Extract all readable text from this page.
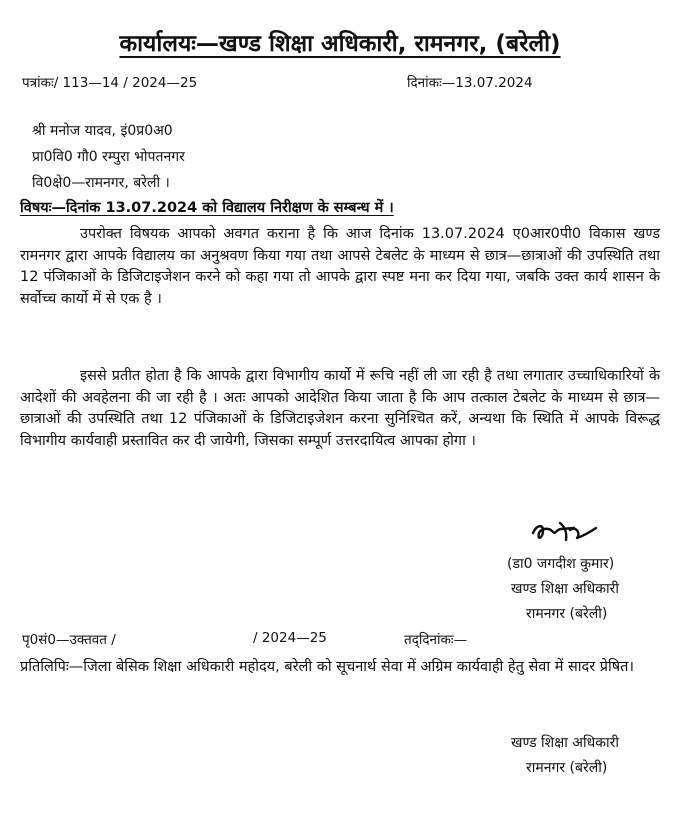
कार्यालयः—खण्ड शिक्षा अधिकारी, रामनगर, (बरेली)
पत्रांकः/ 113—14 / 2024—25	दिनांकः—13.07.2024
श्री मनोज यादव, इं0प्र0अ0
प्रा0वि0 गौ0 रम्पुरा भोपतनगर
वि0क्षे0—रामनगर, बरेली ।
विषयः—दिनांक 13.07.2024 को विद्यालय निरीक्षण के सम्बन्ध में ।

उपरोक्त विषयक आपको अवगत कराना है कि आज दिनांक 13.07.2024 ए0आर0पी0 विकास खण्ड रामनगर द्वारा आपके विद्यालय का अनुश्रवण किया गया तथा आपसे टेबलेट के माध्यम से छात्र—छात्राओं की उपस्थिति तथा 12 पंजिकाओं के डिजिटाइजेशन करने को कहा गया तो आपके द्वारा स्पष्ट मना कर दिया गया, जबकि उक्त कार्य शासन के सर्वोच्च कार्यो में से एक है ।

इससे प्रतीत होता है कि आपके द्वारा विभागीय कार्यो में रूचि नहीं ली जा रही है तथा लगातार उच्चाधिकारियों के आदेशों की अवहेलना की जा रही है । अतः आपको आदेशित किया जाता है कि आप तत्काल टेबलेट के माध्यम से छात्र—छात्राओं की उपस्थिति तथा 12 पंजिकाओं के डिजिटाइजेशन करना सुनिश्चित करें, अन्यथा कि स्थिति में आपके विरूद्ध विभागीय कार्यवाही प्रस्तावित कर दी जायेगी, जिसका सम्पूर्ण उत्तरदायित्व आपका होगा ।

(डा0 जगदीश कुमार)
खण्ड शिक्षा अधिकारी
रामनगर (बरेली)
पृ0सं0—उक्तवत /	/ 2024—25	तद्‌दिनांकः—

प्रतिलिपिः—जिला बेसिक शिक्षा अधिकारी महोदय, बरेली को सूचनार्थ सेवा में अग्रिम कार्यवाही हेतु सेवा में सादर प्रेषित।

खण्ड शिक्षा अधिकारी
रामनगर (बरेली)
